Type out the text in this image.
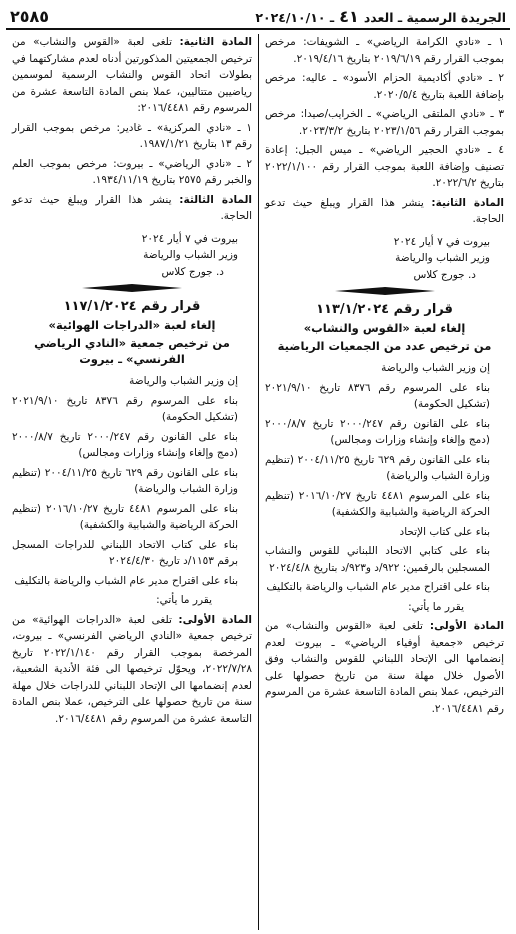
الجريدة الرسمية ـ العدد ٤١ ـ ٢٠٢٤/١٠/١٠
٢٥٨٥

١ ـ «نادي الكرامة الرياضي» ـ الشويفات: مرخص بموجب القرار رقم ٢٠١٩/٦/١٩ بتاريخ ٢٠١٩/٤/١٦.

٢ ـ «نادي أكاديمية الحزام الأسود» ـ عاليه: مرخص بإضافة اللعبة بتاريخ ٢٠٢٠/٥/٤.

٣ ـ «نادي الملتقى الرياضي» ـ الخرايب/صيدا: مرخص بموجب القرار رقم ٢٠٢٣/١/٥٦ بتاريخ ٢٠٢٣/٣/٢.

٤ ـ «نادي الحجير الرياضي» ـ ميس الجبل: إعادة تصنيف وإضافة اللعبة بموجب القرار رقم ٢٠٢٢/١/١٠٠ بتاريخ ٢٠٢٢/٦/٢.

المادة الثانية: ينشر هذا القرار ويبلغ حيث تدعو الحاجة.

بيروت في ٧ أيار ٢٠٢٤
وزير الشباب والرياضة
د. جورج كلاس
قرار رقم ١١٣/١/٢٠٢٤
إلغاء لعبة «القوس والنشاب»
من ترخيص عدد من الجمعيات الرياضية

إن وزير الشباب والرياضة

بناء على المرسوم رقم ٨٣٧٦ تاريخ ٢٠٢١/٩/١٠ (تشكيل الحكومة)

بناء على القانون رقم ٢٠٠٠/٢٤٧ تاريخ ٢٠٠٠/٨/٧ (دمج وإلغاء وإنشاء وزارات ومجالس)

بناء على القانون رقم ٦٢٩ تاريخ ٢٠٠٤/١١/٢٥ (تنظيم وزارة الشباب والرياضة)

بناء على المرسوم ٤٤٨١ تاريخ ٢٠١٦/١٠/٢٧ (تنظيم الحركة الرياضية والشبابية والكشفية)

بناء على كتاب الإتحاد

بناء على كتابي الاتحاد اللبناني للقوس والنشاب المسجلين بالرقمين: ٩٢٢/د و٩٢٣/د بتاريخ ٢٠٢٤/٤/٨

بناء على اقتراح مدير عام الشباب والرياضة بالتكليف

يقرر ما يأتي:

المادة الأولى: تلغى لعبة «القوس والنشاب» من ترخيص «جمعية أوفياء الرياضي» ـ بيروت لعدم إنضمامها الى الإتحاد اللبناني للقوس والنشاب وفق الأصول خلال مهلة سنة من تاريخ حصولها على الترخيص، عملا بنص المادة التاسعة عشرة من المرسوم رقم ٢٠١٦/٤٤٨١.

المادة الثانية: تلغى لعبة «القوس والنشاب» من ترخيص الجمعيتين المذكورتين أدناه لعدم مشاركتهما في بطولات اتحاد القوس والنشاب الرسمية لموسمين رياضيين متتاليين، عملا بنص المادة التاسعة عشرة من المرسوم رقم ٢٠١٦/٤٤٨١:

١ ـ «نادي المركزية» ـ غادير: مرخص بموجب القرار رقم ١٣ بتاريخ ١٩٨٧/١/٢١.

٢ ـ «نادي الرياضي» ـ بيروت: مرخص بموجب العلم والخبر رقم ٢٥٧٥ بتاريخ ١٩٣٤/١١/١٩.

المادة الثالثة: ينشر هذا القرار ويبلغ حيث تدعو الحاجة.

بيروت في ٧ أيار ٢٠٢٤
وزير الشباب والرياضة
د. جورج كلاس
قرار رقم ١١٧/١/٢٠٢٤
إلغاء لعبة «الدراجات الهوائية»
من ترخيص جمعية «النادي الرياضي الفرنسي» ـ بيروت

إن وزير الشباب والرياضة

بناء على المرسوم رقم ٨٣٧٦ تاريخ ٢٠٢١/٩/١٠ (تشكيل الحكومة)

بناء على القانون رقم ٢٠٠٠/٢٤٧ تاريخ ٢٠٠٠/٨/٧ (دمج وإلغاء وإنشاء وزارات ومجالس)

بناء على القانون رقم ٦٢٩ تاريخ ٢٠٠٤/١١/٢٥ (تنظيم وزارة الشباب والرياضة)

بناء على المرسوم ٤٤٨١ تاريخ ٢٠١٦/١٠/٢٧ (تنظيم الحركة الرياضية والشبابية والكشفية)

بناء على كتاب الاتحاد اللبناني للدراجات المسجل برقم ١١٥٣/د تاريخ ٢٠٢٤/٤/٣٠

بناء على اقتراح مدير عام الشباب والرياضة بالتكليف

يقرر ما يأتي:

المادة الأولى: تلغى لعبة «الدراجات الهوائية» من ترخيص جمعية «النادي الرياضي الفرنسي» ـ بيروت، المرخصة بموجب القرار رقم ٢٠٢٢/١/١٤٠ تاريخ ٢٠٢٢/٧/٢٨، ويحوّل ترخيصها الى فئة الأندية الشعبية، لعدم إنضمامها الى الإتحاد اللبناني للدراجات خلال مهلة سنة من تاريخ حصولها على الترخيص، عملا بنص المادة التاسعة عشرة من المرسوم رقم ٢٠١٦/٤٤٨١.
